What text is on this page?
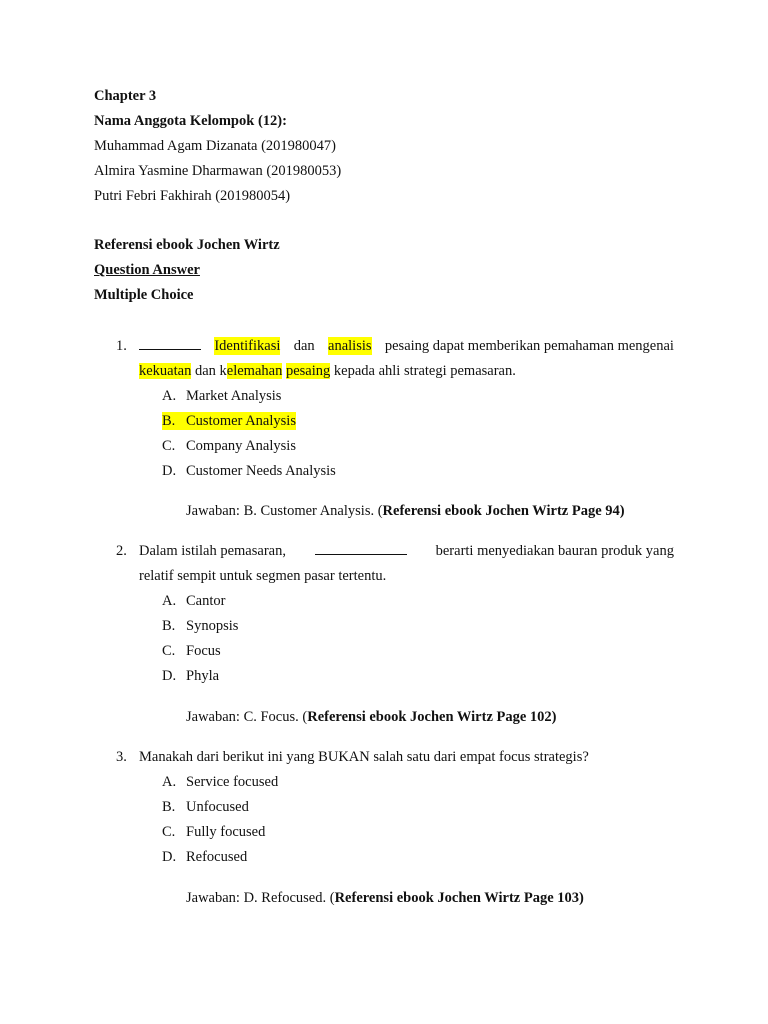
Chapter 3
Nama Anggota Kelompok (12):
Muhammad Agam Dizanata (201980047)
Almira Yasmine Dharmawan (201980053)
Putri Febri Fakhirah (201980054)
Referensi ebook Jochen Wirtz
Question Answer
Multiple Choice
1.	Identifikasi dan analisis pesaing dapat memberikan pemahaman mengenai
kekuatan dan kelemahan pesaing kepada ahli strategi pemasaran.
A. Market Analysis
B. Customer Analysis
C. Company Analysis
D. Customer Needs Analysis
Jawaban: B. Customer Analysis. (Referensi ebook Jochen Wirtz Page 94)
2. Dalam istilah pemasaran,	berarti menyediakan bauran produk yang
relatif sempit untuk segmen pasar tertentu.
A. Cantor
B. Synopsis
C. Focus
D. Phyla
Jawaban: C. Focus. (Referensi ebook Jochen Wirtz Page 102)
3. Manakah dari berikut ini yang BUKAN salah satu dari empat focus strategis?
A. Service focused
B. Unfocused
C. Fully focused
D. Refocused
Jawaban: D. Refocused. (Referensi ebook Jochen Wirtz Page 103)
